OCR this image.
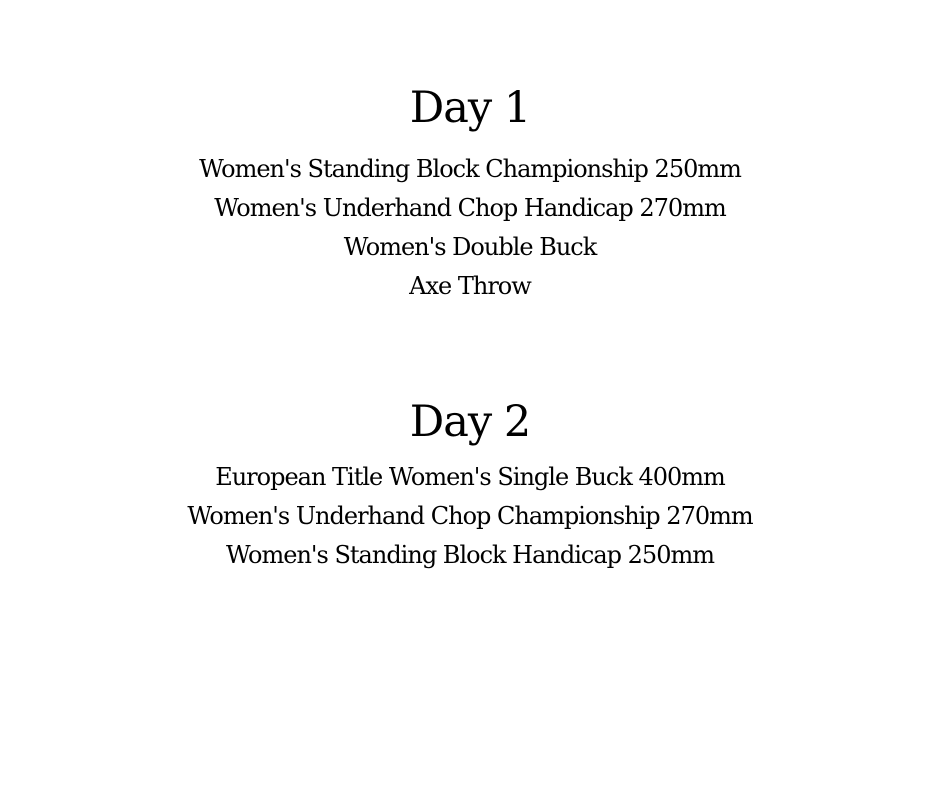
Day 1
Women's Standing Block Championship 250mm
Women's Underhand Chop Handicap 270mm
Women's Double Buck
Axe Throw
Day 2
European Title Women's Single Buck 400mm
Women's Underhand Chop Championship 270mm
Women's Standing Block Handicap 250mm
